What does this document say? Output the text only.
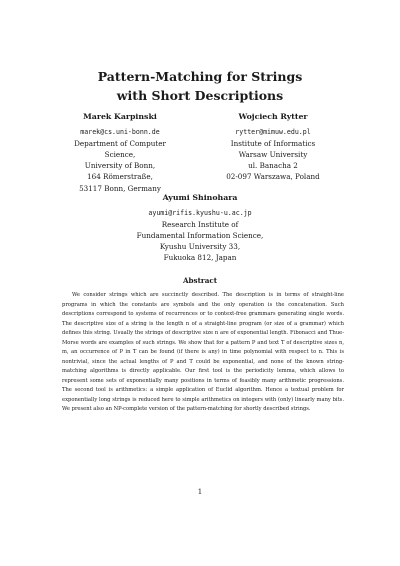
Pattern-Matching for Strings
with Short Descriptions
Marek Karpinski
marek@cs.uni-bonn.de
Department of Computer Science,
University of Bonn,
164 Römerstraße,
53117 Bonn, Germany
Wojciech Rytter
rytter@mimuw.edu.pl
Institute of Informatics
Warsaw University
ul. Banacha 2
02-097 Warszawa, Poland
Ayumi Shinohara
ayumi@rifis.kyushu-u.ac.jp
Research Institute of
Fundamental Information Science,
Kyushu University 33,
Fukuoka 812, Japan
Abstract
We consider strings which are succinctly described. The description is in terms of straight-line programs in which the constants are symbols and the only operation is the concatenation. Such descriptions correspond to systems of recurrences or to context-free grammars generating single words. The descriptive size of a string is the length n of a straight-line program (or size of a grammar) which defines this string. Usually the strings of descriptive size n are of exponential length. Fibonacci and Thue-Morse words are examples of such strings. We show that for a pattern P and text T of descriptive sizes n, m, an occurrence of P in T can be found (if there is any) in time polynomial with respect to n. This is nontrivial, since the actual lengths of P and T could be exponential, and none of the known string-matching algorithms is directly applicable. Our first tool is the periodicity lemma, which allows to represent some sets of exponentially many positions in terms of feasibly many arithmetic progressions. The second tool is arithmetics: a simple application of Euclid algorithm. Hence a textual problem for exponentially long strings is reduced here to simple arithmetics on integers with (only) linearly many bits. We present also an NP-complete version of the pattern-matching for shortly described strings.
1
